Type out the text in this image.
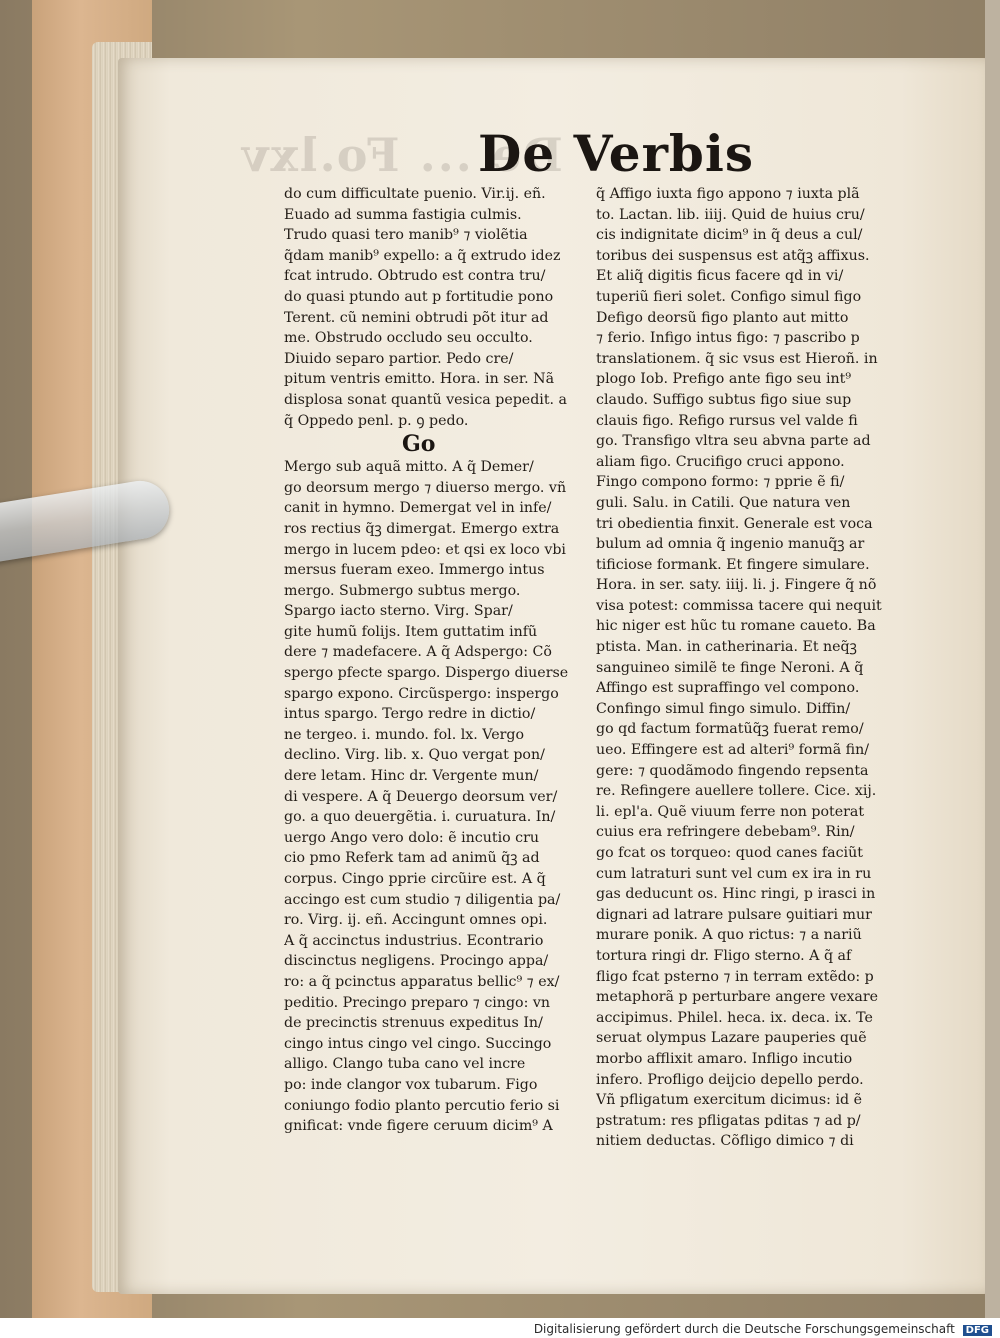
De ... Fo.lxv
De Verbis
do cum difficultate puenio. Vir.ij. eñ.
Euado ad summa fastigia culmis.
Trudo quasi tero manib⁹ ⁊ violẽtia
q̃dam manib⁹ expello: a q̃ extrudo idez
fcat intrudo. Obtrudo est contra tru/
do quasi ptundo aut p fortitudie pono
Terent. cũ nemini obtrudi põt itur ad
me. Obstrudo occludo seu occulto.
Diuido separo partior. Pedo cre/
pitum ventris emitto. Hora. in ser. Nã
displosa sonat quantũ vesica pepedit. a
q̃ Oppedo penl. p. ꝯ pedo.
Go
Mergo sub aquã mitto. A q̃ Demer/
go deorsum mergo ⁊ diuerso mergo. vñ
canit in hymno. Demergat vel in infe/
ros rectius q̃ꝫ dimergat. Emergo extra
mergo in lucem pdeo: et qsi ex loco vbi
mersus fueram exeo. Immergo intus
mergo. Submergo subtus mergo.
Spargo iacto sterno. Virg. Spar/
gite humũ folijs. Item guttatim infũ
dere ⁊ madefacere. A q̃ Adspergo: Cõ
spergo pfecte spargo. Dispergo diuerse
spargo expono. Circũspergo: inspergo
intus spargo. Tergo redre in dictio/
ne tergeo. i. mundo. fol. lx. Vergo
declino. Virg. lib. x. Quo vergat pon/
dere letam. Hinc dr. Vergente mun/
di vespere. A q̃ Deuergo deorsum ver/
go. a quo deuergẽtia. i. curuatura. In/
uergo Ango vero dolo: ẽ incutio cru
cio pmo Referk tam ad animũ q̃ꝫ ad
corpus. Cingo pprie circũire est. A q̃
accingo est cum studio ⁊ diligentia pa/
ro. Virg. ij. eñ. Accingunt omnes opi.
A q̃ accinctus industrius. Econtrario
discinctus negligens. Procingo appa/
ro: a q̃ pcinctus apparatus bellic⁹ ⁊ ex/
peditio. Precingo preparo ⁊ cingo: vn
de precinctis strenuus expeditus In/
cingo intus cingo vel cingo. Succingo
alligo. Clango tuba cano vel incre
po: inde clangor vox tubarum. Figo
coniungo fodio planto percutio ferio si
gnificat: vnde figere ceruum dicim⁹ A
q̃ Affigo iuxta figo appono ⁊ iuxta plã
to. Lactan. lib. iiij. Quid de huius cru/
cis indignitate dicim⁹ in q̃ deus a cul/
toribus dei suspensus est atq̃ꝫ affixus.
Et aliq̃ digitis ficus facere qd in vi/
tuperiũ fieri solet. Configo simul figo
Defigo deorsũ figo planto aut mitto
⁊ ferio. Infigo intus figo: ⁊ pascribo p
translationem. q̃ sic vsus est Hieroñ. in
plogo Iob. Prefigo ante figo seu int⁹
claudo. Suffigo subtus figo siue sup
clauis figo. Refigo rursus vel valde fi
go. Transfigo vltra seu abvna parte ad
aliam figo. Crucifigo cruci appono.
Fingo compono formo: ⁊ pprie ẽ fi/
guli. Salu. in Catili. Que natura ven
tri obedientia finxit. Generale est voca
bulum ad omnia q̃ ingenio manuq̃ꝫ ar
tificiose formank. Et fingere simulare.
Hora. in ser. saty. iiij. li. j. Fingere q̃ nõ
visa potest: commissa tacere qui nequit
hic niger est hũc tu romane caueto. Ba
ptista. Man. in catherinaria. Et neq̃ꝫ
sanguineo similẽ te finge Neroni. A q̃
Affingo est supraffingo vel compono.
Confingo simul fingo simulo. Diffin/
go qd factum formatũq̃ꝫ fuerat remo/
ueo. Effingere est ad alteri⁹ formã fin/
gere: ⁊ quodãmodo fingendo repsenta
re. Refingere auellere tollere. Cice. xij.
li. epl'a. Quẽ viuum ferre non poterat
cuius era refringere debebam⁹. Rin/
go fcat os torqueo: quod canes faciũt
cum latraturi sunt vel cum ex ira in ru
gas deducunt os. Hinc ringi, p irasci in
dignari ad latrare pulsare ꝯuitiari mur
murare ponik. A quo rictus: ⁊ a nariũ
tortura ringi dr. Fligo sterno. A q̃ af
fligo fcat psterno ⁊ in terram extẽdo: p
metaphorã p perturbare angere vexare
accipimus. Philel. heca. ix. deca. ix. Te
seruat olympus Lazare pauperies quẽ
morbo afflixit amaro. Infligo incutio
infero. Profligo deijcio depello perdo.
Vñ pfligatum exercitum dicimus: id ẽ
pstratum: res pfligatas pditas ⁊ ad p/
nitiem deductas. Cõfligo dimico ⁊ di
Digitalisierung gefördert durch die Deutsche Forschungsgemeinschaft DFG
